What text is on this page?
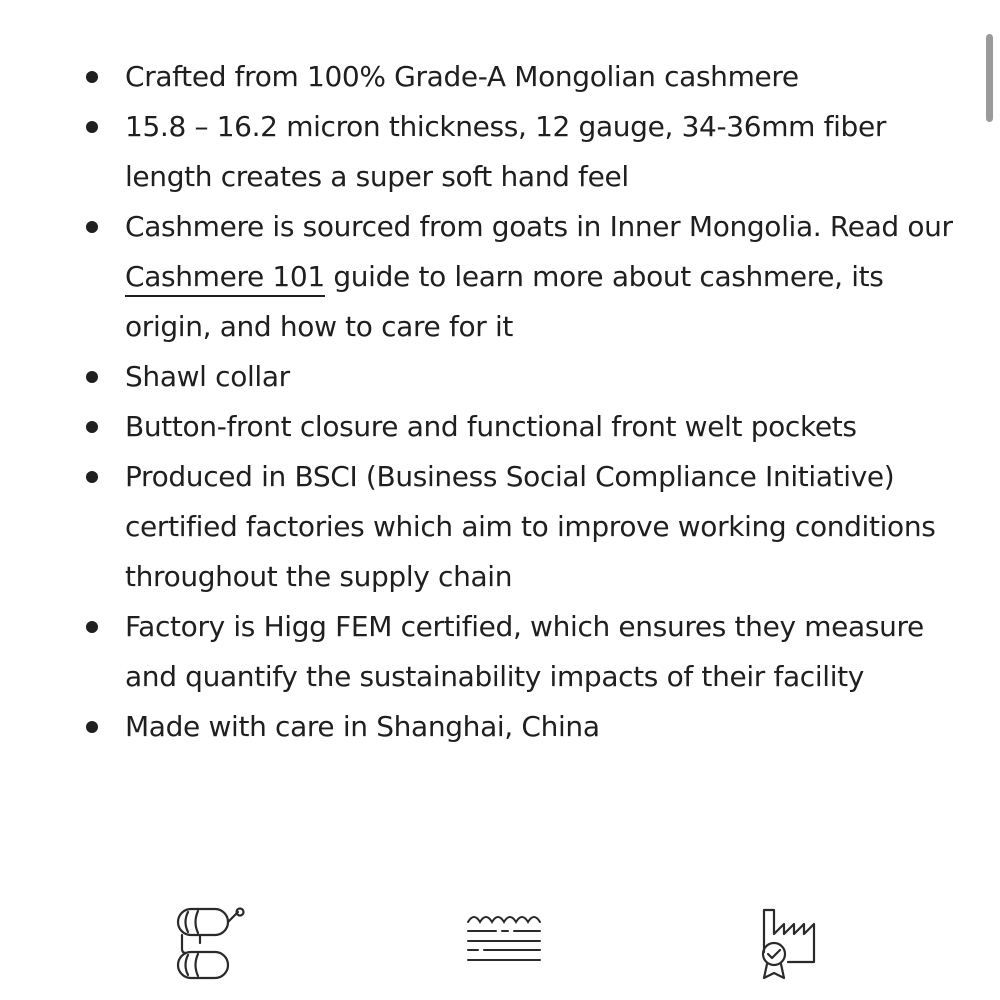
Crafted from 100% Grade-A Mongolian cashmere
15.8 – 16.2 micron thickness, 12 gauge, 34-36mm fiber length creates a super soft hand feel
Cashmere is sourced from goats in Inner Mongolia. Read our Cashmere 101 guide to learn more about cashmere, its origin, and how to care for it
Shawl collar
Button-front closure and functional front welt pockets
Produced in BSCI (Business Social Compliance Initiative) certified factories which aim to improve working conditions throughout the supply chain
Factory is Higg FEM certified, which ensures they measure and quantify the sustainability impacts of their facility
Made with care in Shanghai, China
